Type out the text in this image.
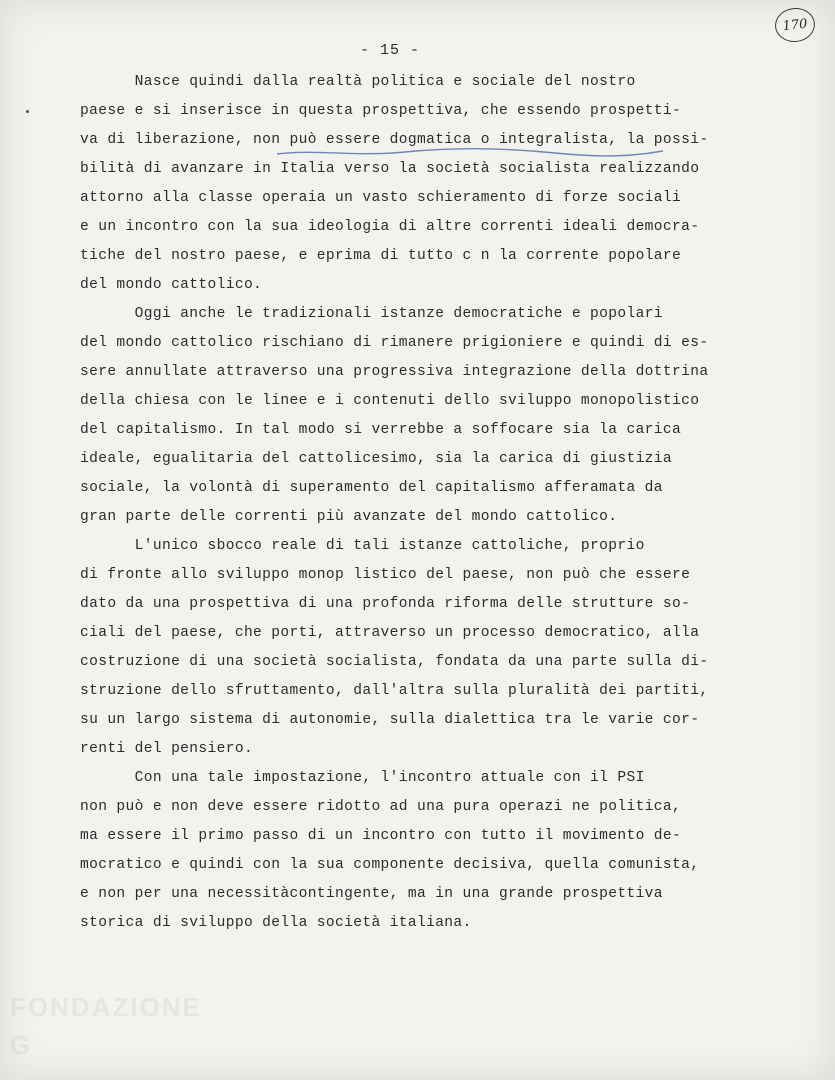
170
- 15 -

Nasce quindi dalla realtà politica e sociale del nostro

paese e si inserisce in questa prospettiva, che essendo prospetti-

va di liberazione, non può essere dogmatica o integralista, la possi-

bilità di avanzare in Italia verso la società socialista realizzando

attorno alla classe operaia un vasto schieramento di forze sociali

e un incontro con la sua ideologia di altre correnti ideali democra-

tiche del nostro paese, e eprima di tutto c n la corrente popolare

del mondo cattolico.

Oggi anche le tradizionali istanze democratiche e popolari

del mondo cattolico rischiano di rimanere prigioniere e quindi di es-

sere annullate attraverso una progressiva integrazione della dottrina

della chiesa con le linee e i contenuti dello sviluppo monopolistico

del capitalismo. In tal modo si verrebbe a soffocare sia la carica

ideale, egualitaria del cattolicesimo, sia la carica di giustizia

sociale, la volontà di superamento del capitalismo afferamata da

gran parte delle correnti più avanzate del mondo cattolico.

L'unico sbocco reale di tali istanze cattoliche, proprio

di fronte allo sviluppo monop listico del paese, non può che essere

dato da una prospettiva di una profonda riforma delle strutture so-

ciali del paese, che porti, attraverso un processo democratico, alla

costruzione di una società socialista, fondata da una parte sulla di-

struzione dello sfruttamento, dall'altra sulla pluralità dei partiti,

su un largo sistema di autonomie, sulla dialettica tra le varie cor-

renti del pensiero.

Con una tale impostazione, l'incontro attuale con il PSI

non può e non deve essere ridotto ad una pura operazi ne politica,

ma essere il primo passo di un incontro con tutto il movimento de-

mocratico e quindi con la sua componente decisiva, quella comunista,

e non per una necessitàcontingente, ma in una grande prospettiva

storica di sviluppo della società italiana.

FONDAZIONE
G
